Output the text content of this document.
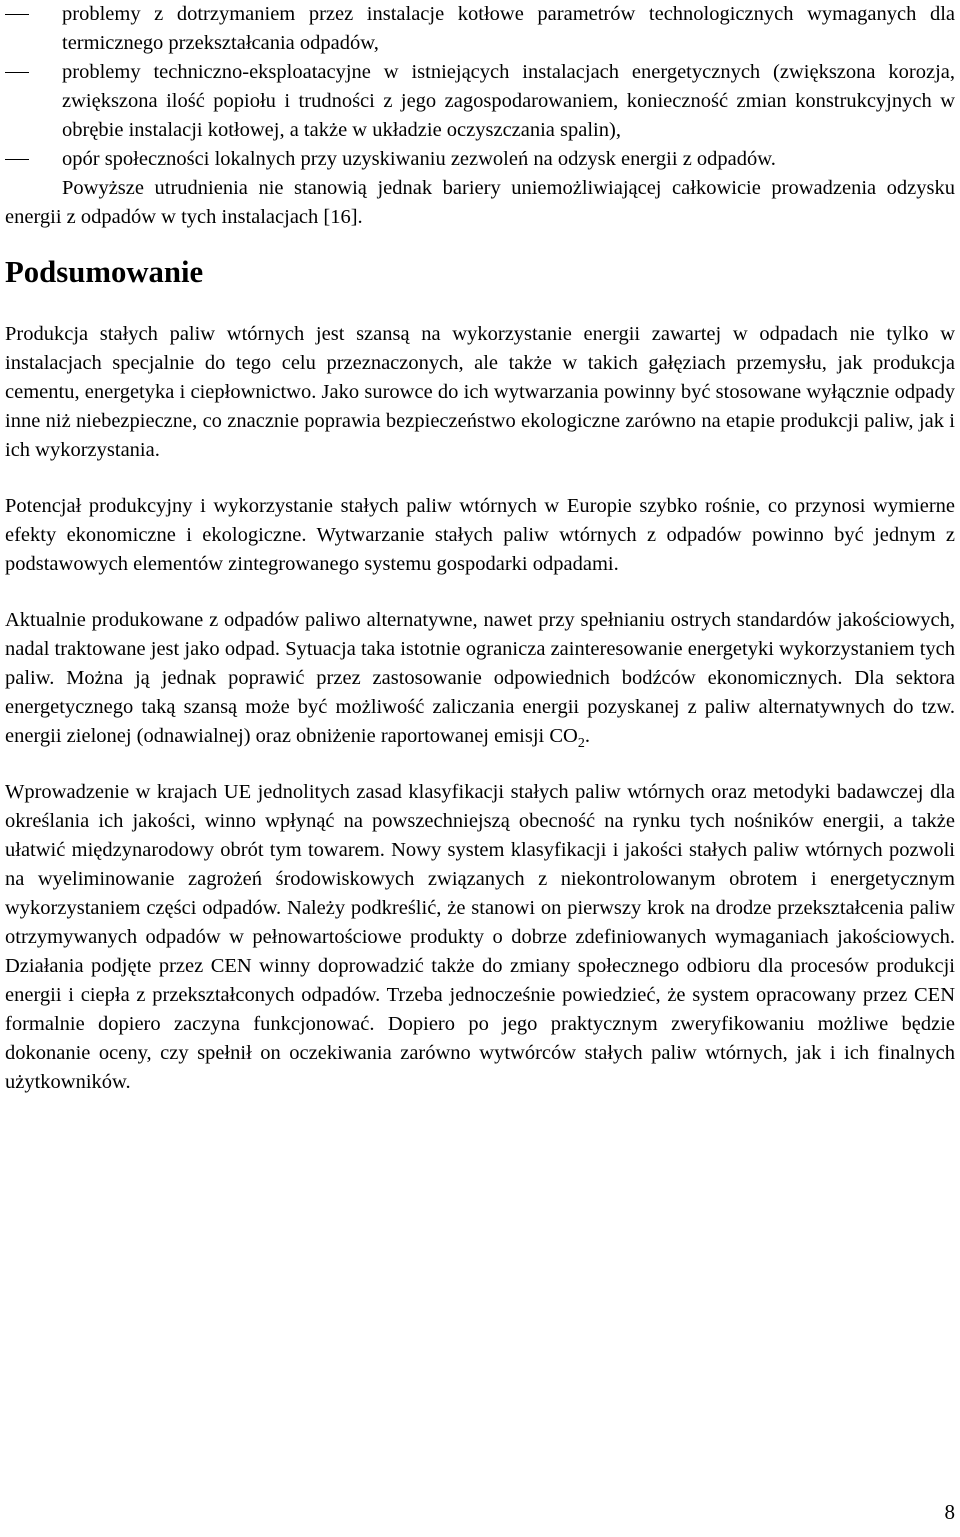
problemy z dotrzymaniem przez instalacje kotłowe parametrów technologicznych wymaganych dla termicznego przekształcania odpadów,
problemy techniczno-eksploatacyjne w istniejących instalacjach energetycznych (zwiększona korozja, zwiększona ilość popiołu i trudności z jego zagospodarowaniem, konieczność zmian konstrukcyjnych w obrębie instalacji kotłowej, a także w układzie oczyszczania spalin),
opór społeczności lokalnych przy uzyskiwaniu zezwoleń na odzysk energii z odpadów.

Powyższe utrudnienia nie stanowią jednak bariery uniemożliwiającej całkowicie prowadzenia odzysku energii z odpadów w tych instalacjach [16].

Podsumowanie

Produkcja stałych paliw wtórnych jest szansą na wykorzystanie energii zawartej w odpadach nie tylko w instalacjach specjalnie do tego celu przeznaczonych, ale także w takich gałęziach przemysłu, jak produkcja cementu, energetyka i ciepłownictwo. Jako surowce do ich wytwarzania powinny być stosowane wyłącznie odpady inne niż niebezpieczne, co znacznie poprawia bezpieczeństwo ekologiczne zarówno na etapie produkcji paliw, jak i ich wykorzystania.

Potencjał produkcyjny i wykorzystanie stałych paliw wtórnych w Europie szybko rośnie, co przynosi wymierne efekty ekonomiczne i ekologiczne. Wytwarzanie stałych paliw wtórnych z odpadów powinno być jednym z podstawowych elementów zintegrowanego systemu gospodarki odpadami.

Aktualnie produkowane z odpadów paliwo alternatywne, nawet przy spełnianiu ostrych standardów jakościowych, nadal traktowane jest jako odpad. Sytuacja taka istotnie ogranicza zainteresowanie energetyki wykorzystaniem tych paliw. Można ją jednak poprawić przez zastosowanie odpowiednich bodźców ekonomicznych. Dla sektora energetycznego taką szansą może być możliwość zaliczania energii pozyskanej z paliw alternatywnych do tzw. energii zielonej (odnawialnej) oraz obniżenie raportowanej emisji $CO_2$.

Wprowadzenie w krajach UE jednolitych zasad klasyfikacji stałych paliw wtórnych oraz metodyki badawczej dla określania ich jakości, winno wpłynąć na powszechniejszą obecność na rynku tych nośników energii, a także ułatwić międzynarodowy obrót tym towarem. Nowy system klasyfikacji i jakości stałych paliw wtórnych pozwoli na wyeliminowanie zagrożeń środowiskowych związanych z niekontrolowanym obrotem i energetycznym wykorzystaniem części odpadów. Należy podkreślić, że stanowi on pierwszy krok na drodze przekształcenia paliw otrzymywanych odpadów w pełnowartościowe produkty o dobrze zdefiniowanych wymaganiach jakościowych. Działania podjęte przez CEN winny doprowadzić także do zmiany społecznego odbioru dla procesów produkcji energii i ciepła z przekształconych odpadów. Trzeba jednocześnie powiedzieć, że system opracowany przez CEN formalnie dopiero zaczyna funkcjonować. Dopiero po jego praktycznym zweryfikowaniu możliwe będzie dokonanie oceny, czy spełnił on oczekiwania zarówno wytwórców stałych paliw wtórnych, jak i ich finalnych użytkowników.

8
